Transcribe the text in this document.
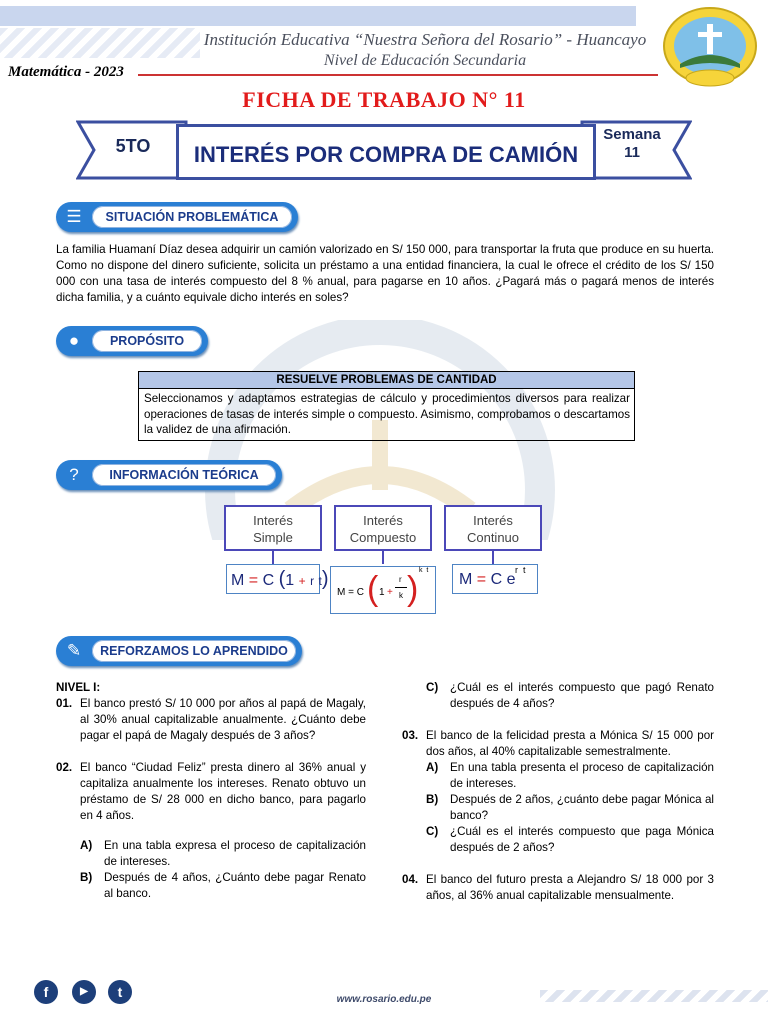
Institución Educativa “Nuestra Señora del Rosario” - Huancayo
Nivel de Educación Secundaria
Matemática - 2023
FICHA DE TRABAJO N° 11
5TO	INTERÉS POR COMPRA DE CAMIÓN
Semana
11
☰	SITUACIÓN PROBLEMÁTICA
La familia Huamaní Díaz desea adquirir un camión valorizado en S/ 150 000, para transportar la fruta que produce en su huerta. Como no dispone del dinero suficiente, solicita un préstamo a una entidad financiera, la cual le ofrece el crédito de los S/ 150 000 con una tasa de interés compuesto del 8 % anual, para pagarse en 10 años. ¿Pagará más o pagará menos de interés dicha familia, y a cuánto equivale dicho interés en soles?
●	PROPÓSITO
RESUELVE PROBLEMAS DE CANTIDAD
Seleccionamos y adaptamos estrategias de cálculo y procedimientos diversos para realizar operaciones de tasas de interés simple o compuesto. Asimismo, comprobamos o descartamos la validez de una afirmación.
?	INFORMACIÓN TEÓRICA
Interés
Simple
Interés
Compuesto
Interés
Continuo
M = C (1 + r t)
M = C ( 1 +
r
k ) k  t
M = C e
r  t
✎	REFORZAMOS LO APRENDIDO
NIVEL I:
01. El banco prestó S/ 10 000 por años al papá de Magaly, al 30% anual capitalizable anualmente. ¿Cuánto debe pagar el papá de Magaly después de 3 años?
02. El banco “Ciudad Feliz” presta dinero al 36% anual y capitaliza anualmente los intereses. Renato obtuvo un préstamo de S/ 28 000 en dicho banco, para pagarlo en 4 años.
A)	En una tabla expresa el proceso de capitalización de intereses.
B)	Después de 4 años, ¿Cuánto debe pagar Renato al banco.
C)	¿Cuál es el interés compuesto que pagó Renato después de 4 años?
03. El banco de la felicidad presta a Mónica S/ 15 000 por dos años, al 40% capitalizable semestralmente.
A)	En una tabla presenta el proceso de capitalización de intereses.
B)	Después de 2 años, ¿cuánto debe pagar Mónica al banco?
C)	¿Cuál es el interés compuesto que paga Mónica después de 2 años?
04. El banco del futuro presta a Alejandro S/ 18 000 por 3 años, al 36% anual capitalizable mensualmente.
f	▶	t	www.rosario.edu.pe
